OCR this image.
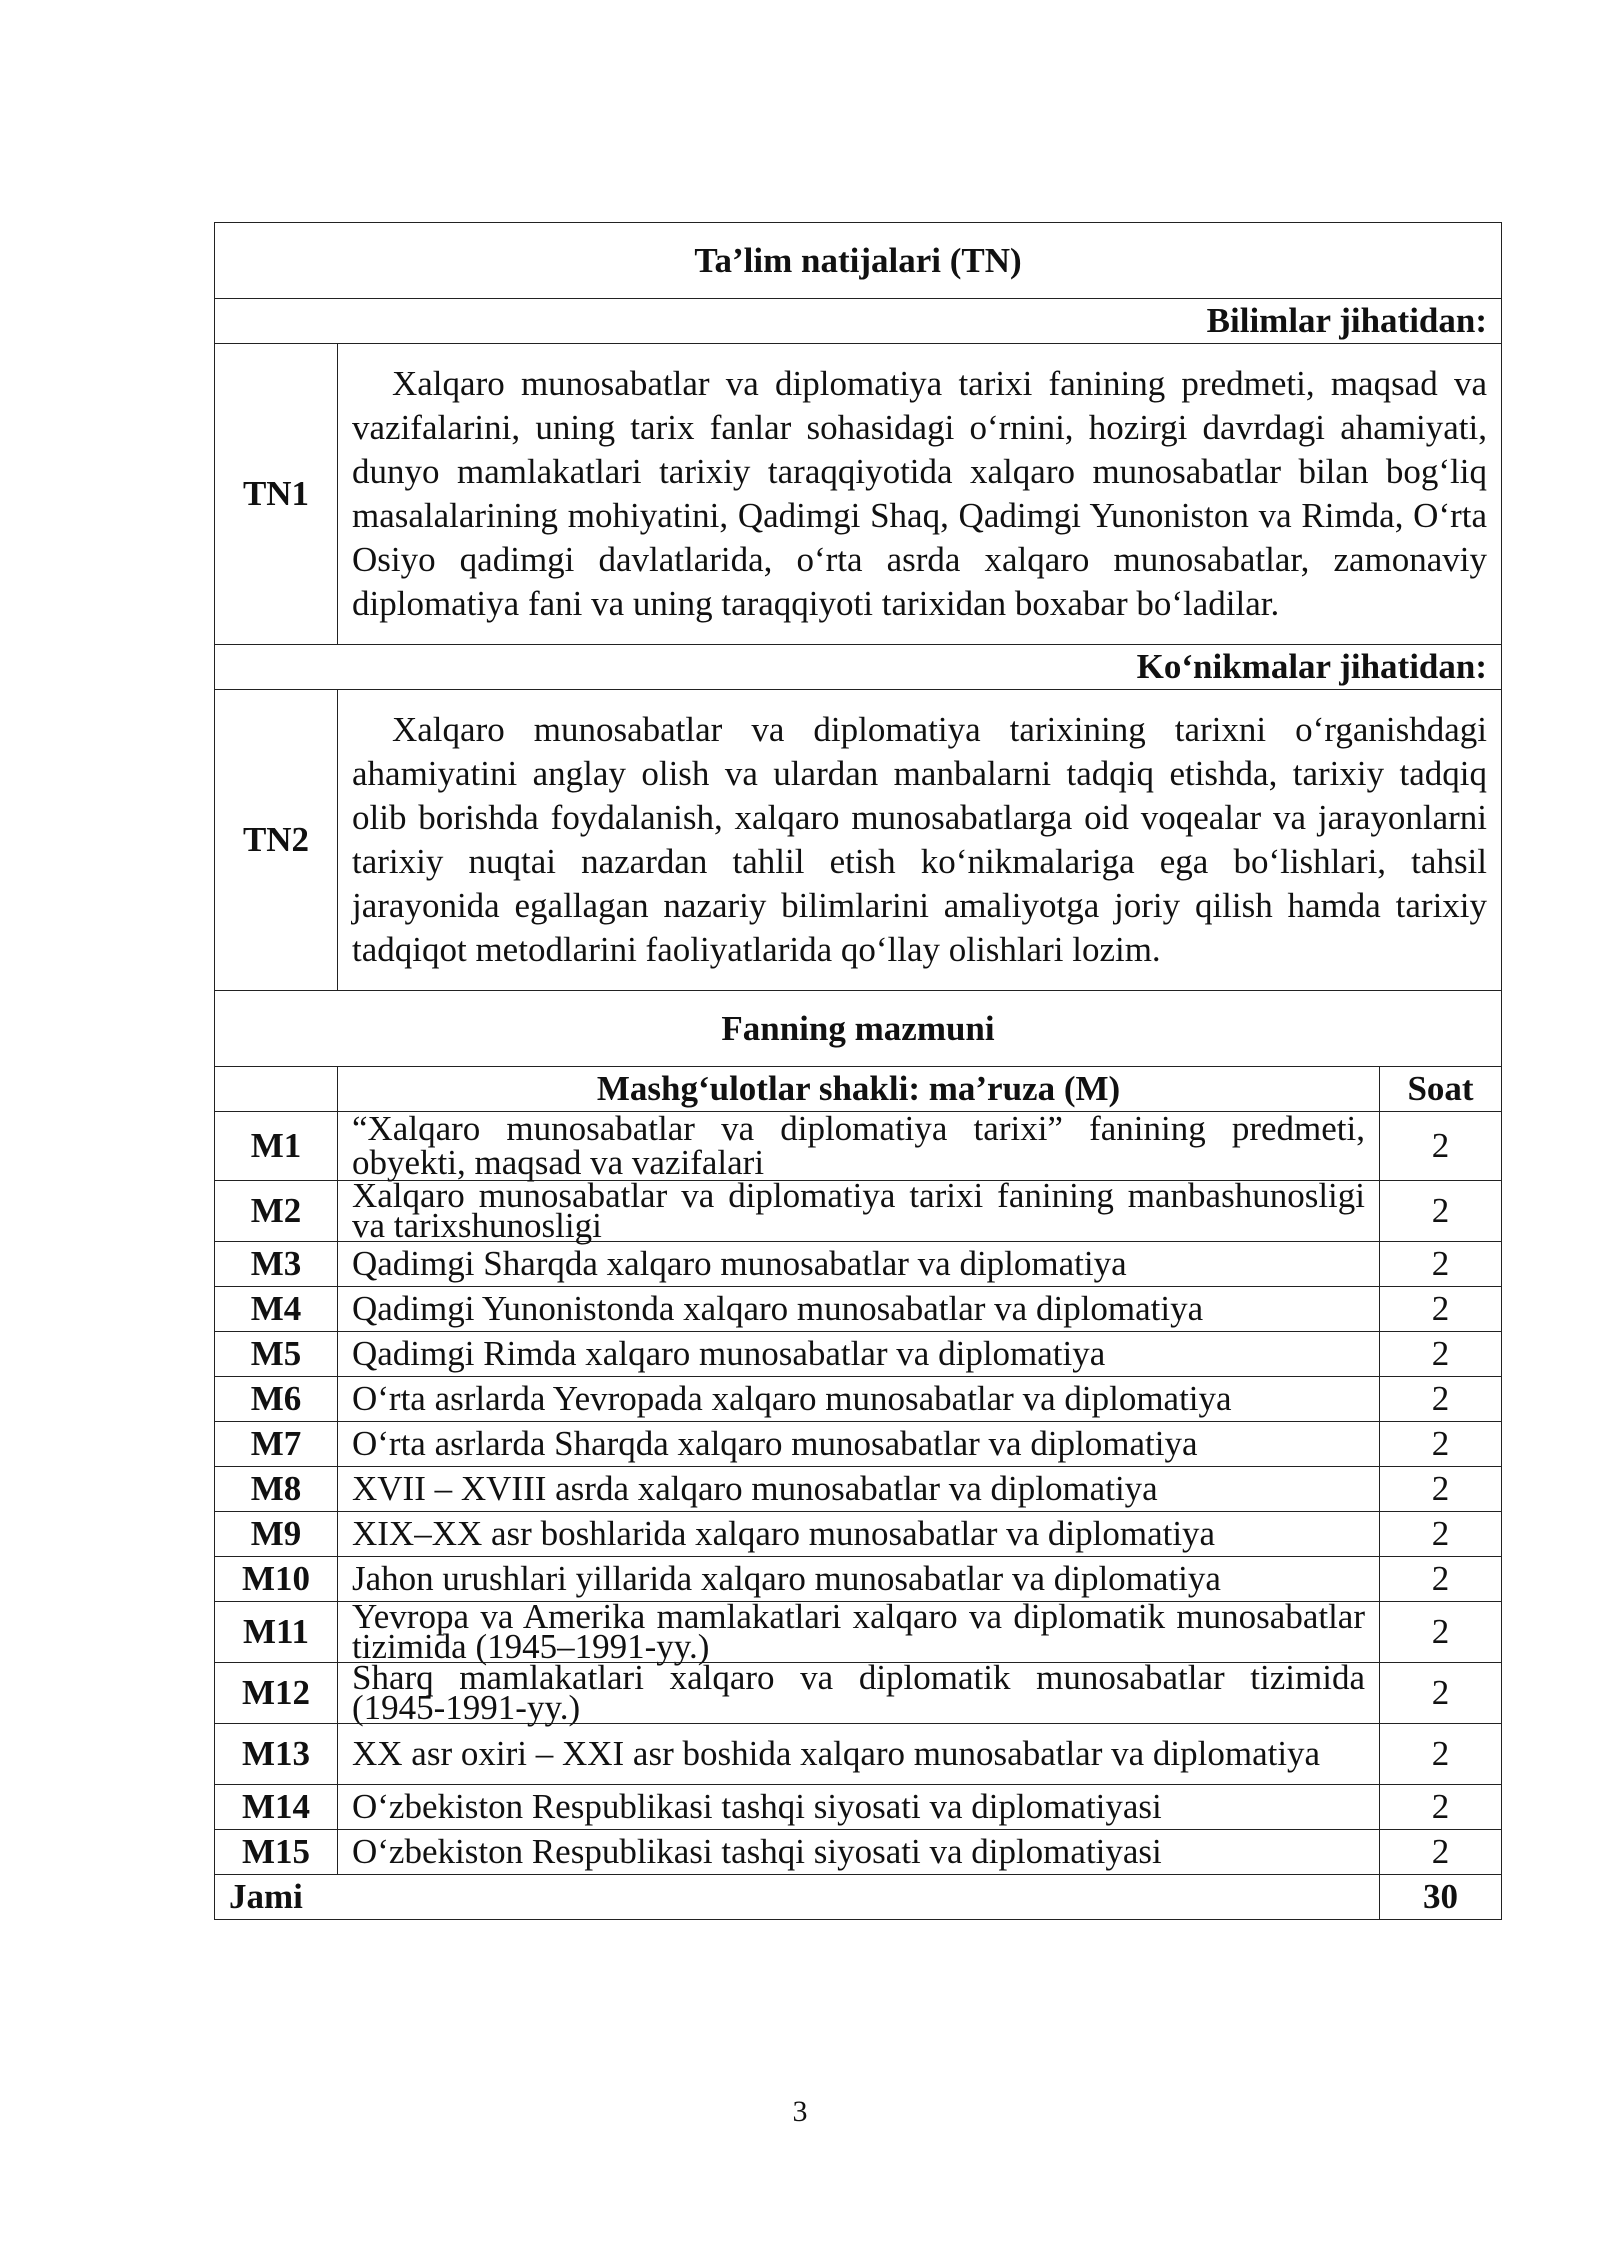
Ta’lim natijalari (TN)		
Bilimlar jihatidan:		
TN1	Xalqaro munosabatlar va diplomatiya tarixi fanining predmeti, maqsad va vazifalarini, uning tarix fanlar sohasidagi o‘rnini, hozirgi davrdagi ahamiyati, dunyo mamlakatlari tarixiy taraqqiyotida xalqaro munosabatlar bilan bog‘liq masalalarining mohiyatini, Qadimgi Shaq, Qadimgi Yunoniston va Rimda, O‘rta Osiyo qadimgi davlatlarida, o‘rta asrda xalqaro munosabatlar, zamonaviy diplomatiya fani va uning taraqqiyoti tarixidan boxabar bo‘ladilar.	
Ko‘nikmalar jihatidan:		
TN2	Xalqaro munosabatlar va diplomatiya tarixining tarixni o‘rganishdagi ahamiyatini anglay olish va ulardan manbalarni tadqiq etishda, tarixiy tadqiq olib borishda foydalanish, xalqaro munosabatlarga oid voqealar va jarayonlarni tarixiy nuqtai nazardan tahlil etish ko‘nikmalariga ega bo‘lishlari, tahsil jarayonida egallagan nazariy bilimlarini amaliyotga joriy qilish hamda tarixiy tadqiqot metodlarini faoliyatlarida qo‘llay olishlari lozim.	
Fanning mazmuni		
	Mashg‘ulotlar shakli: ma’ruza (M)	Soat
M1	“Xalqaro munosabatlar va diplomatiya tarixi” fanining predmeti, obyekti, maqsad va vazifalari	2
M2	Xalqaro munosabatlar va diplomatiya tarixi fanining manbashunosligi va tarixshunosligi	2
M3	Qadimgi Sharqda xalqaro munosabatlar va diplomatiya	2
M4	Qadimgi Yunonistonda xalqaro munosabatlar va diplomatiya	2
M5	Qadimgi Rimda xalqaro munosabatlar va diplomatiya	2
M6	O‘rta asrlarda Yevropada xalqaro munosabatlar va diplomatiya	2
M7	O‘rta asrlarda Sharqda xalqaro munosabatlar va diplomatiya	2
M8	XVII – XVIII asrda xalqaro munosabatlar va diplomatiya	2
M9	XIX–XX asr boshlarida xalqaro munosabatlar va diplomatiya	2
M10	Jahon urushlari yillarida xalqaro munosabatlar va diplomatiya	2
M11	Yevropa va Amerika mamlakatlari xalqaro va diplomatik munosabatlar tizimida (1945–1991-yy.)	2
M12	Sharq mamlakatlari xalqaro va diplomatik munosabatlar tizimida (1945-1991-yy.)	2
M13	XX asr oxiri – XXI asr boshida xalqaro munosabatlar va diplomatiya	2
M14	O‘zbekiston Respublikasi tashqi siyosati va diplomatiyasi	2
M15	O‘zbekiston Respublikasi tashqi siyosati va diplomatiyasi	2
Jami		30
3
